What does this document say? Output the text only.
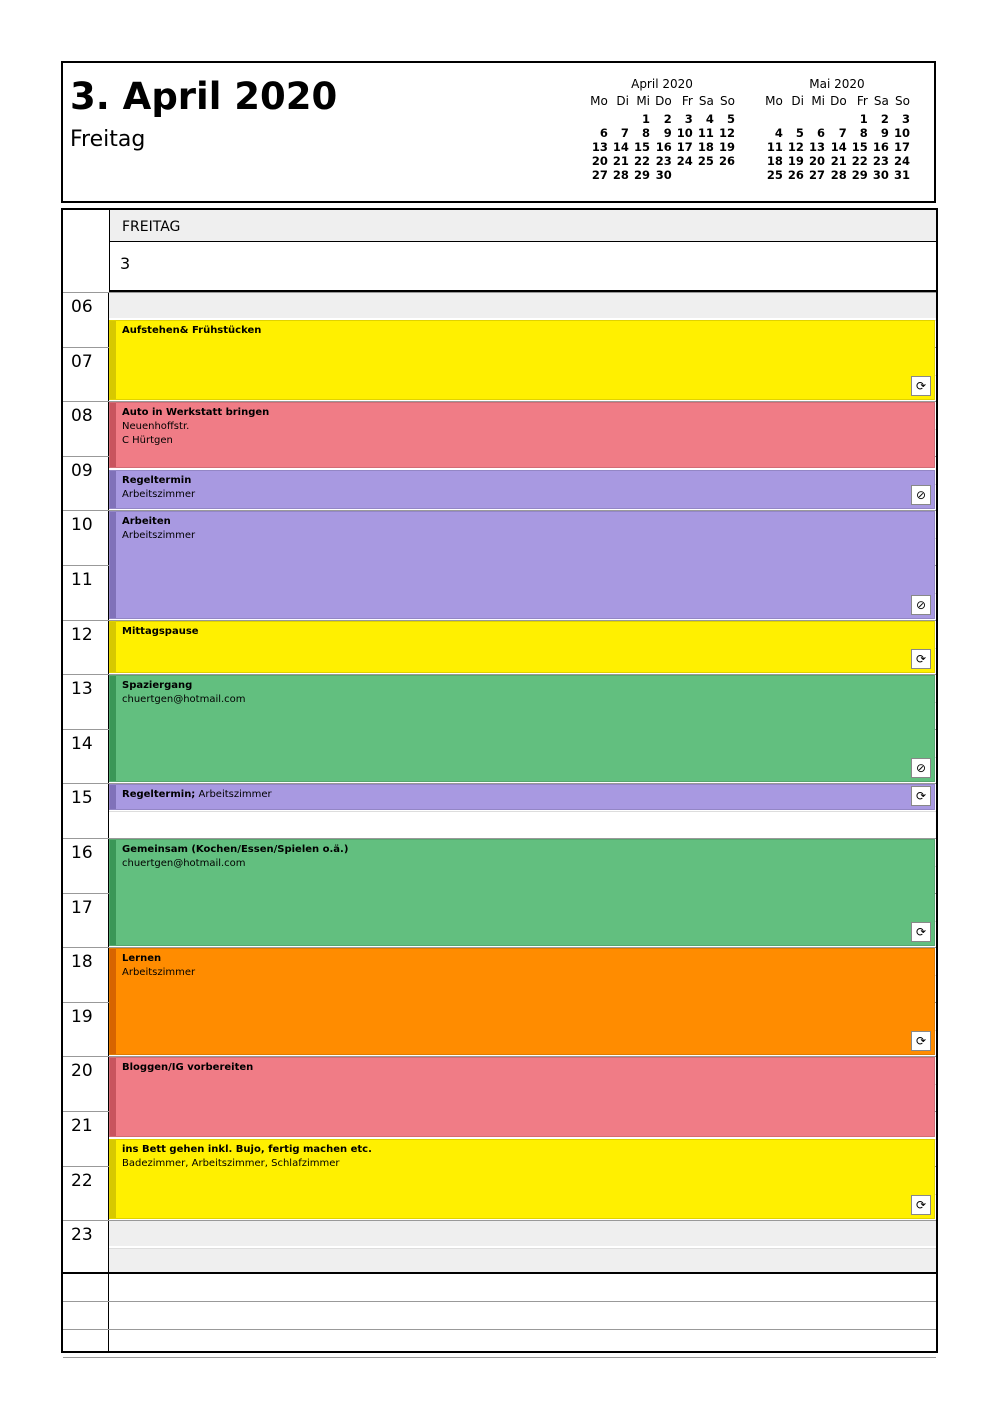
3. April 2020
Freitag
April 2020
Mo	Di	Mi	Do	Fr	Sa	So

		1	2	3	4	5
6	7	8	9	10	11	12
13	14	15	16	17	18	19
20	21	22	23	24	25	26
27	28	29	30			
Mai 2020
Mo	Di	Mi	Do	Fr	Sa	So

				1	2	3
4	5	6	7	8	9	10
11	12	13	14	15	16	17
18	19	20	21	22	23	24
25	26	27	28	29	30	31
FREITAG
3
06
07
08
09
10
11
12
13
14
15
16
17
18
19
20
21
22
23
Aufstehen& Frühstücken
⟳
Auto in Werkstatt bringen
Neuenhoffstr.
C Hürtgen
Regeltermin
Arbeitszimmer	⊘
Arbeiten
Arbeitszimmer
⊘
Mittagspause
⟳
Spaziergang
chuertgen@hotmail.com
⊘
Regeltermin; Arbeitszimmer	⟳
Gemeinsam (Kochen/Essen/Spielen o.ä.)
chuertgen@hotmail.com
⟳
Lernen
Arbeitszimmer
⟳
Bloggen/IG vorbereiten
ins Bett gehen inkl. Bujo, fertig machen etc.
Badezimmer, Arbeitszimmer, Schlafzimmer
⟳
